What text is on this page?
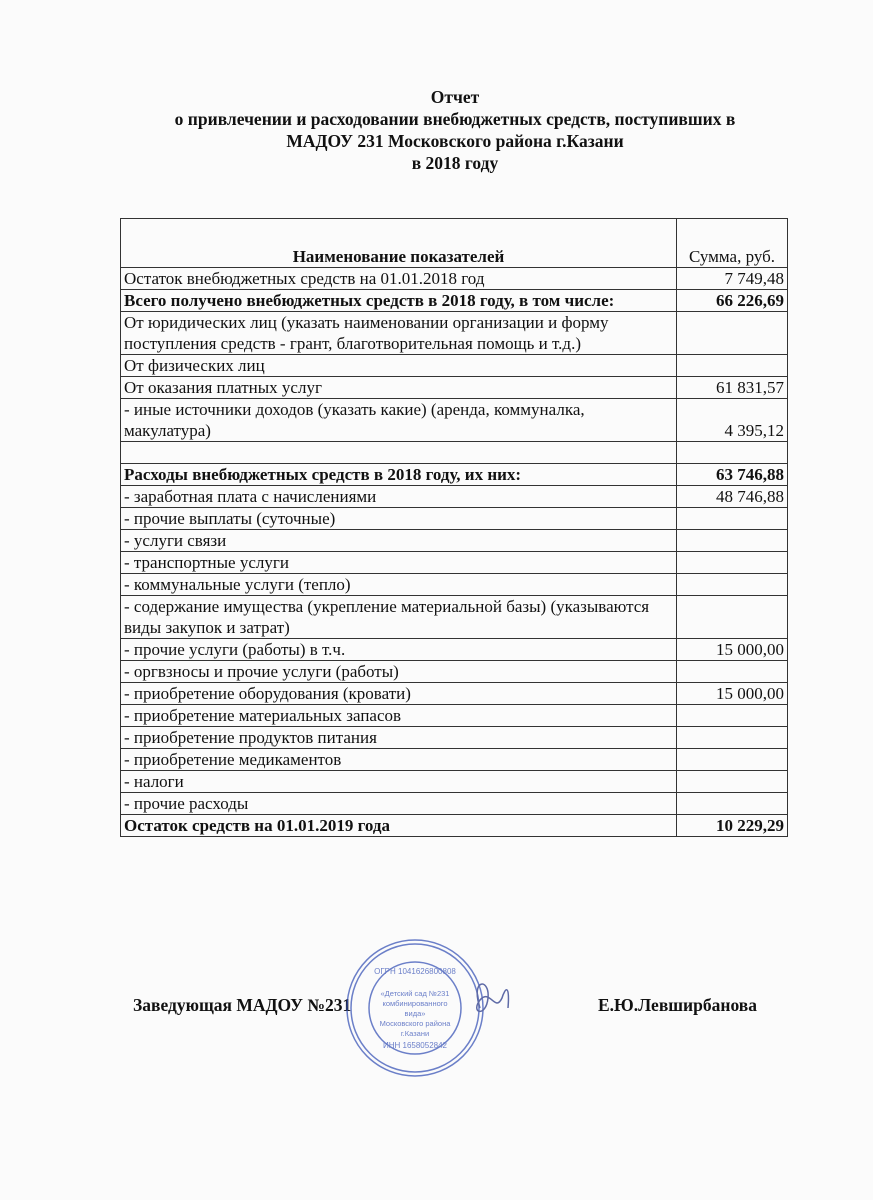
Отчет
о привлечении и расходовании внебюджетных средств, поступивших в
МАДОУ 231 Московского района г.Казани
в 2018 году
Наименование показателей	Сумма, руб.
Остаток внебюджетных средств на 01.01.2018 год	7 749,48
Всего получено внебюджетных средств в 2018 году, в том числе:	66 226,69
От юридических лиц (указать наименовании организации и форму поступления средств - грант, благотворительная помощь и т.д.)	
От физических лиц	
От оказания платных услуг	61 831,57
- иные источники доходов (указать какие) (аренда, коммуналка, макулатура)	4 395,12

Расходы внебюджетных средств в 2018 году, их них:	63 746,88
- заработная плата с начислениями	48 746,88
- прочие выплаты (суточные)	
- услуги связи	
- транспортные услуги	
- коммунальные услуги (тепло)	
- содержание имущества (укрепление материальной базы) (указываются виды закупок и затрат)	
- прочие услуги (работы) в т.ч.	15 000,00
- оргвзносы и прочие услуги (работы)	
- приобретение оборудования (кровати)	15 000,00
- приобретение материальных запасов	
- приобретение продуктов питания	
- приобретение медикаментов	
- налоги	
- прочие расходы	
Остаток средств на 01.01.2019 года	10 229,29
Заведующая МАДОУ №231	Е.Ю.Левширбанова
ОГРН 1041626800808
«Детский сад №231
комбинированного
вида»
Московского района
г.Казани
ИНН 1658052842
